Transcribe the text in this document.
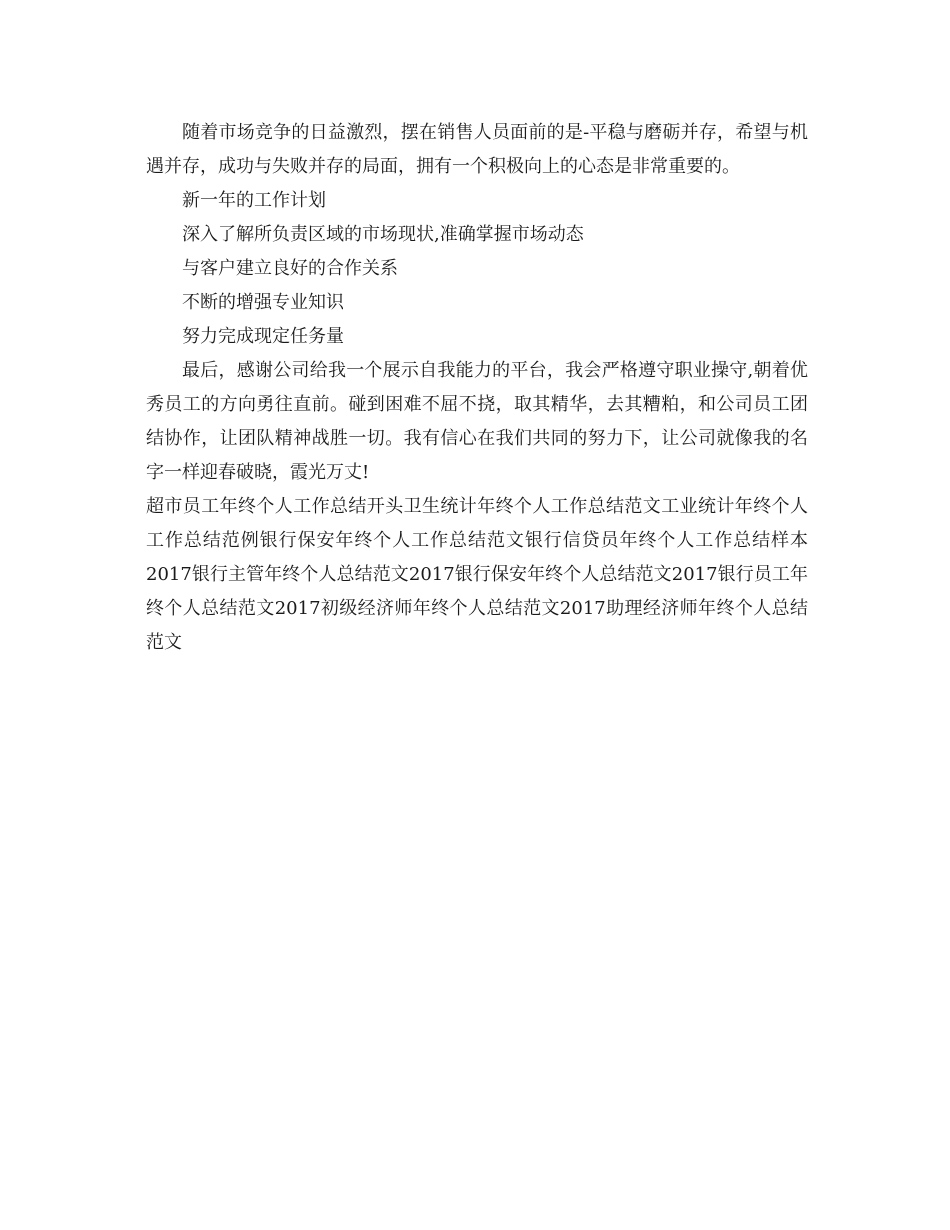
随着市场竞争的日益激烈，摆在销售人员面前的是-平稳与磨砺并存，希望与机遇并存，成功与失败并存的局面，拥有一个积极向上的心态是非常重要的。

新一年的工作计划

深入了解所负责区域的市场现状,准确掌握市场动态

与客户建立良好的合作关系

不断的增强专业知识

努力完成现定任务量

最后，感谢公司给我一个展示自我能力的平台，我会严格遵守职业操守,朝着优秀员工的方向勇往直前。碰到困难不屈不挠，取其精华，去其糟粕，和公司员工团结协作，让团队精神战胜一切。我有信心在我们共同的努力下，让公司就像我的名字一样迎春破晓，霞光万丈!

超市员工年终个人工作总结开头卫生统计年终个人工作总结范文工业统计年终个人工作总结范例银行保安年终个人工作总结范文银行信贷员年终个人工作总结样本2017银行主管年终个人总结范文2017银行保安年终个人总结范文2017银行员工年终个人总结范文2017初级经济师年终个人总结范文2017助理经济师年终个人总结范文
